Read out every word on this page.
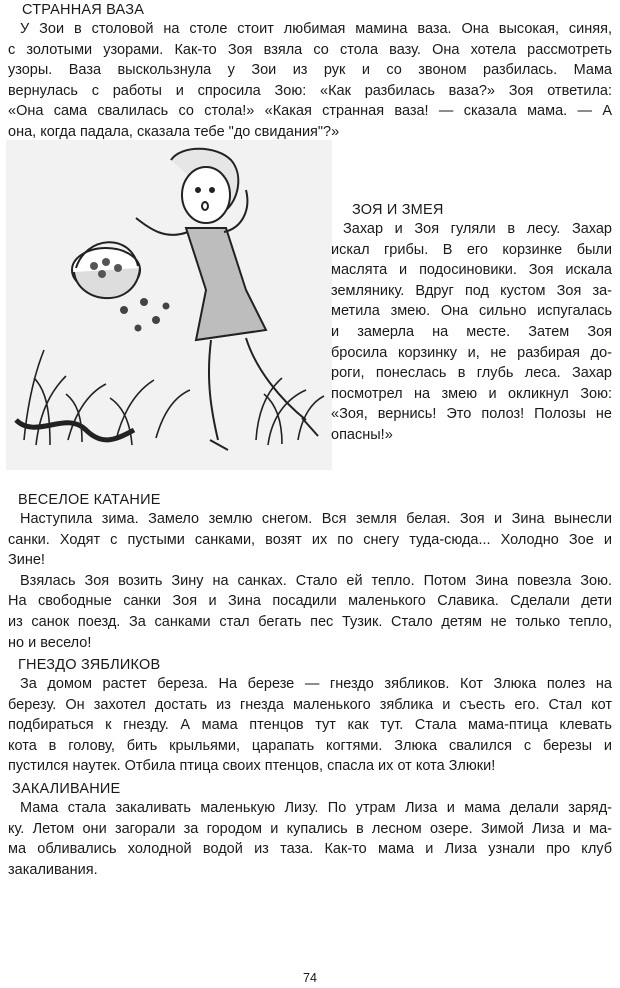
СТРАННАЯ ВАЗА
У Зои в столовой на столе стоит любимая мамина ваза. Она высокая, синяя,
с золотыми узорами. Как-то Зоя взяла со стола вазу. Она хотела рассмотреть
узоры. Ваза выскользнула у Зои из рук и со звоном разбилась. Мама
вернулась с работы и спросила Зою: «Как разбилась ваза?» Зоя ответила:
«Она сама свалилась со стола!» «Какая странная ваза! — сказала мама. — А
она, когда падала, сказала тебе "до свидания"?»
ЗОЯ И ЗМЕЯ
Захар и Зоя гуляли в лесу. Захар
искал грибы. В его корзинке были
маслята и подосиновики. Зоя искала
землянику. Вдруг под кустом Зоя за-
метила змею. Она сильно испугалась
и замерла на месте. Затем Зоя
бросила корзинку и, не разбирая до-
роги, понеслась в глубь леса. Захар
посмотрел на змею и окликнул Зою:
«Зоя, вернись! Это полоз! Полозы не
опасны!»
ВЕСЕЛОЕ КАТАНИЕ
Наступила зима. Замело землю снегом. Вся земля белая. Зоя и Зина вынесли
санки. Ходят с пустыми санками, возят их по снегу туда-сюда... Холодно Зое и
Зине!
Взялась Зоя возить Зину на санках. Стало ей тепло. Потом Зина повезла Зою.
На свободные санки Зоя и Зина посадили маленького Славика. Сделали дети
из санок поезд. За санками стал бегать пес Тузик. Стало детям не только тепло,
но и весело!
ГНЕЗДО ЗЯБЛИКОВ
За домом растет береза. На березе — гнездо зябликов. Кот Злюка полез на
березу. Он захотел достать из гнезда маленького зяблика и съесть его. Стал кот
подбираться к гнезду. А мама птенцов тут как тут. Стала мама-птица клевать
кота в голову, бить крыльями, царапать когтями. Злюка свалился с березы и
пустился наутек. Отбила птица своих птенцов, спасла их от кота Злюки!
ЗАКАЛИВАНИЕ
Мама стала закаливать маленькую Лизу. По утрам Лиза и мама делали заряд-
ку. Летом они загорали за городом и купались в лесном озере. Зимой Лиза и ма-
ма обливались холодной водой из таза. Как-то мама и Лиза узнали про клуб
закаливания.
74
